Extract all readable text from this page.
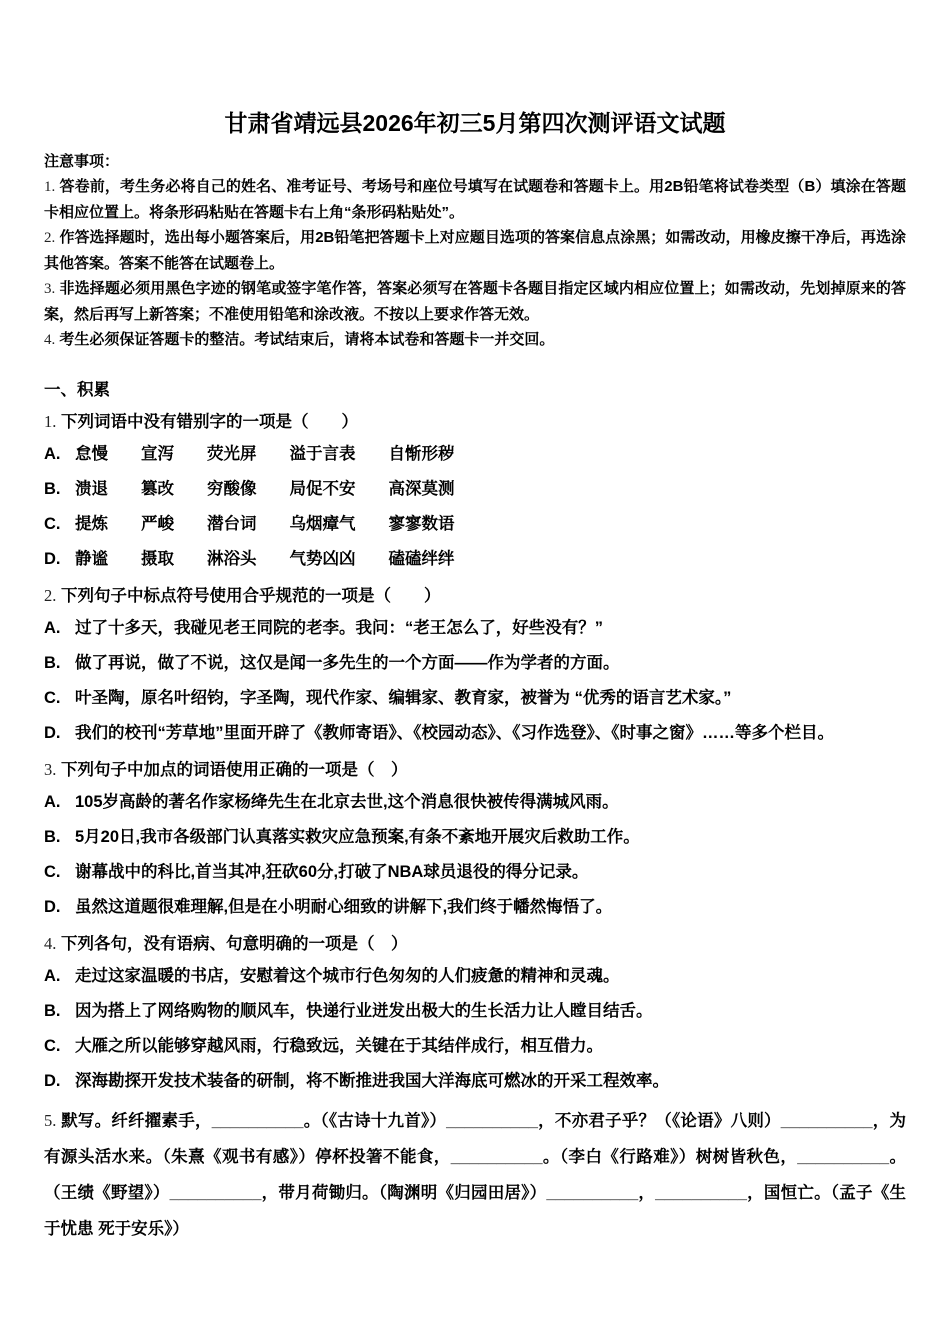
甘肃省靖远县2026年初三5月第四次测评语文试题

注意事项：

1. 答卷前，考生务必将自己的姓名、准考证号、考场号和座位号填写在试题卷和答题卡上。用2B铅笔将试卷类型（B）填涂在答题卡相应位置上。将条形码粘贴在答题卡右上角“条形码粘贴处”。

2. 作答选择题时，选出每小题答案后，用2B铅笔把答题卡上对应题目选项的答案信息点涂黑；如需改动，用橡皮擦干净后，再选涂其他答案。答案不能答在试题卷上。

3. 非选择题必须用黑色字迹的钢笔或签字笔作答，答案必须写在答题卡各题目指定区域内相应位置上；如需改动，先划掉原来的答案，然后再写上新答案；不准使用铅笔和涂改液。不按以上要求作答无效。

4. 考生必须保证答题卡的整洁。考试结束后，请将本试卷和答题卡一并交回。

一、积累

1. 下列词语中没有错别字的一项是（　　）

A. 怠慢 宣泻 荧光屏 溢于言表 自惭形秽

B. 溃退 篡改 穷酸像 局促不安 高深莫测

C. 提炼 严峻 潜台词 乌烟瘴气 寥寥数语

D. 静谧 摄取 淋浴头 气势凶凶 磕磕绊绊

2. 下列句子中标点符号使用合乎规范的一项是（　　）

A. 过了十多天，我碰见老王同院的老李。我问：“老王怎么了，好些没有？”

B. 做了再说，做了不说，这仅是闻一多先生的一个方面——作为学者的方面。

C. 叶圣陶，原名叶绍钧，字圣陶，现代作家、编辑家、教育家，被誉为 “优秀的语言艺术家。”

D. 我们的校刊“芳草地”里面开辟了《教师寄语》、《校园动态》、《习作选登》、《时事之窗》……等多个栏目。

3. 下列句子中加点的词语使用正确的一项是（　）

A. 105岁高龄的著名作家杨绛先生在北京去世,这个消息很快被传得满城风雨。

B. 5月20日,我市各级部门认真落实救灾应急预案,有条不紊地开展灾后救助工作。

C. 谢幕战中的科比,首当其冲,狂砍60分,打破了NBA球员退役的得分记录。

D. 虽然这道题很难理解,但是在小明耐心细致的讲解下,我们终于幡然悔悟了。

4. 下列各句，没有语病、句意明确的一项是（　）

A. 走过这家温暖的书店，安慰着这个城市行色匆匆的人们疲惫的精神和灵魂。

B. 因为搭上了网络购物的顺风车，快递行业迸发出极大的生长活力让人瞠目结舌。

C. 大雁之所以能够穿越风雨，行稳致远，关键在于其结伴成行，相互借力。

D. 深海勘探开发技术装备的研制，将不断推进我国大洋海底可燃冰的开采工程效率。

5. 默写。纤纤擢素手，__________。（《古诗十九首》）__________，不亦君子乎？（《论语》八则）__________，为有源头活水来。（朱熹《观书有感》）停杯投箸不能食，__________。（李白《行路难》）树树皆秋色，__________。（王绩《野望》）__________，带月荷锄归。（陶渊明《归园田居》）__________，__________，国恒亡。（孟子《生于忧患 死于安乐》）
